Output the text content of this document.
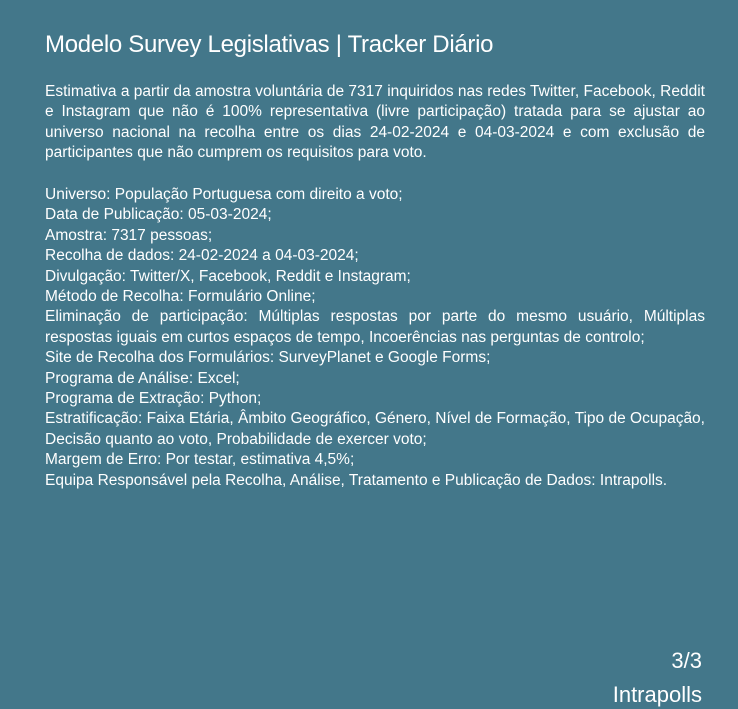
Modelo Survey Legislativas | Tracker Diário

Estimativa a partir da amostra voluntária de 7317 inquiridos nas redes Twitter, Facebook, Reddit e Instagram que não é 100% representativa (livre participação) tratada para se ajustar ao universo nacional na recolha entre os dias 24-02-2024 e 04-03-2024 e com exclusão de participantes que não cumprem os requisitos para voto.

Universo: População Portuguesa com direito a voto;
Data de Publicação: 05-03-2024;
Amostra: 7317 pessoas;
Recolha de dados: 24-02-2024 a 04-03-2024;
Divulgação: Twitter/X, Facebook, Reddit e Instagram;
Método de Recolha: Formulário Online;
Eliminação de participação: Múltiplas respostas por parte do mesmo usuário, Múltiplas respostas iguais em curtos espaços de tempo, Incoerências nas perguntas de controlo;
Site de Recolha dos Formulários: SurveyPlanet e Google Forms;
Programa de Análise: Excel;
Programa de Extração: Python;
Estratificação: Faixa Etária, Âmbito Geográfico, Género, Nível de Formação, Tipo de Ocupação, Decisão quanto ao voto, Probabilidade de exercer voto;
Margem de Erro: Por testar, estimativa 4,5%;
Equipa Responsável pela Recolha, Análise, Tratamento e Publicação de Dados: Intrapolls.
3/3
Intrapolls
